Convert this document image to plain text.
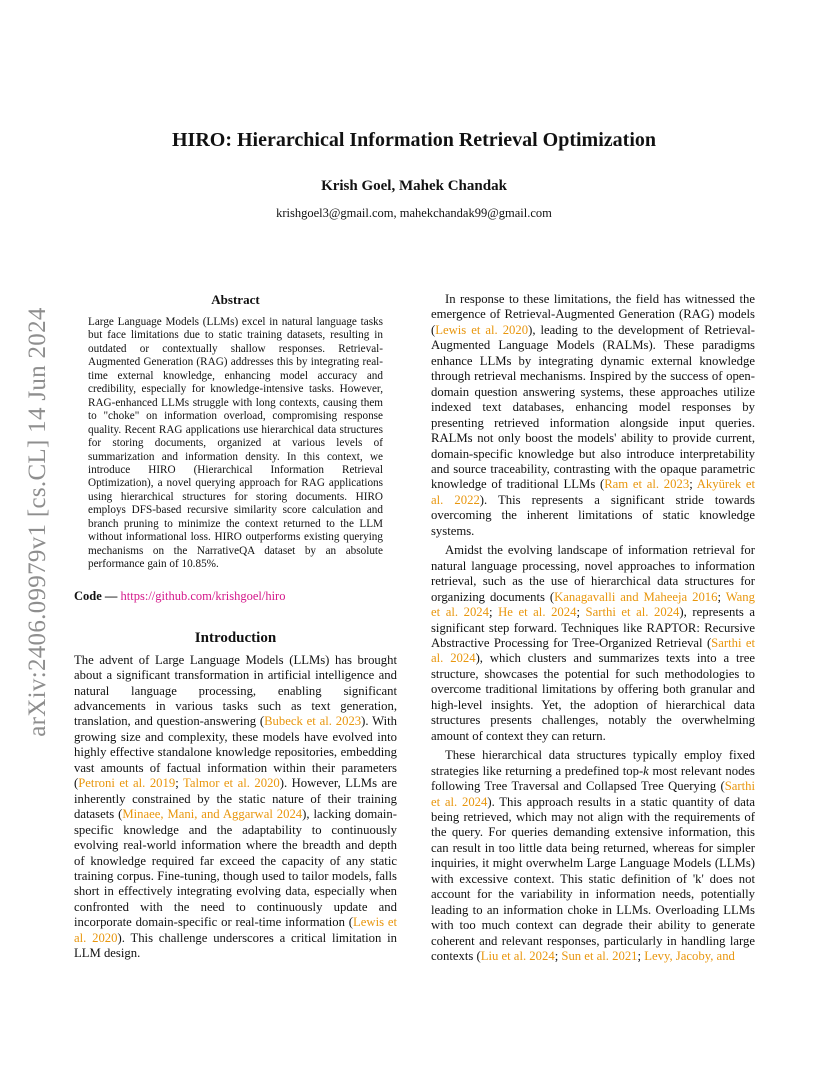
arXiv:2406.09979v1 [cs.CL] 14 Jun 2024
HIRO: Hierarchical Information Retrieval Optimization
Krish Goel, Mahek Chandak
krishgoel3@gmail.com, mahekchandak99@gmail.com
Abstract
Large Language Models (LLMs) excel in natural language tasks but face limitations due to static training datasets, resulting in outdated or contextually shallow responses. Retrieval-Augmented Generation (RAG) addresses this by integrating real-time external knowledge, enhancing model accuracy and credibility, especially for knowledge-intensive tasks. However, RAG-enhanced LLMs struggle with long contexts, causing them to "choke" on information overload, compromising response quality. Recent RAG applications use hierarchical data structures for storing documents, organized at various levels of summarization and information density. In this context, we introduce HIRO (Hierarchical Information Retrieval Optimization), a novel querying approach for RAG applications using hierarchical structures for storing documents. HIRO employs DFS-based recursive similarity score calculation and branch pruning to minimize the context returned to the LLM without informational loss. HIRO outperforms existing querying mechanisms on the NarrativeQA dataset by an absolute performance gain of 10.85%.
Code — https://github.com/krishgoel/hiro
Introduction

The advent of Large Language Models (LLMs) has brought about a significant transformation in artificial intelligence and natural language processing, enabling significant advancements in various tasks such as text generation, translation, and question-answering (Bubeck et al. 2023). With growing size and complexity, these models have evolved into highly effective standalone knowledge repositories, embedding vast amounts of factual information within their parameters (Petroni et al. 2019; Talmor et al. 2020). However, LLMs are inherently constrained by the static nature of their training datasets (Minaee, Mani, and Aggarwal 2024), lacking domain-specific knowledge and the adaptability to continuously evolving real-world information where the breadth and depth of knowledge required far exceed the capacity of any static training corpus. Fine-tuning, though used to tailor models, falls short in effectively integrating evolving data, especially when confronted with the need to continuously update and incorporate domain-specific or real-time information (Lewis et al. 2020). This challenge underscores a critical limitation in LLM design.

In response to these limitations, the field has witnessed the emergence of Retrieval-Augmented Generation (RAG) models (Lewis et al. 2020), leading to the development of Retrieval-Augmented Language Models (RALMs). These paradigms enhance LLMs by integrating dynamic external knowledge through retrieval mechanisms. Inspired by the success of open-domain question answering systems, these approaches utilize indexed text databases, enhancing model responses by presenting retrieved information alongside input queries. RALMs not only boost the models' ability to provide current, domain-specific knowledge but also introduce interpretability and source traceability, contrasting with the opaque parametric knowledge of traditional LLMs (Ram et al. 2023; Akyürek et al. 2022). This represents a significant stride towards overcoming the inherent limitations of static knowledge systems.

Amidst the evolving landscape of information retrieval for natural language processing, novel approaches to information retrieval, such as the use of hierarchical data structures for organizing documents (Kanagavalli and Maheeja 2016; Wang et al. 2024; He et al. 2024; Sarthi et al. 2024), represents a significant step forward. Techniques like RAPTOR: Recursive Abstractive Processing for Tree-Organized Retrieval (Sarthi et al. 2024), which clusters and summarizes texts into a tree structure, showcases the potential for such methodologies to overcome traditional limitations by offering both granular and high-level insights. Yet, the adoption of hierarchical data structures presents challenges, notably the overwhelming amount of context they can return.

These hierarchical data structures typically employ fixed strategies like returning a predefined top-k most relevant nodes following Tree Traversal and Collapsed Tree Querying (Sarthi et al. 2024). This approach results in a static quantity of data being retrieved, which may not align with the requirements of the query. For queries demanding extensive information, this can result in too little data being returned, whereas for simpler inquiries, it might overwhelm Large Language Models (LLMs) with excessive context. This static definition of 'k' does not account for the variability in information needs, potentially leading to an information choke in LLMs. Overloading LLMs with too much context can degrade their ability to generate coherent and relevant responses, particularly in handling large contexts (Liu et al. 2024; Sun et al. 2021; Levy, Jacoby, and
